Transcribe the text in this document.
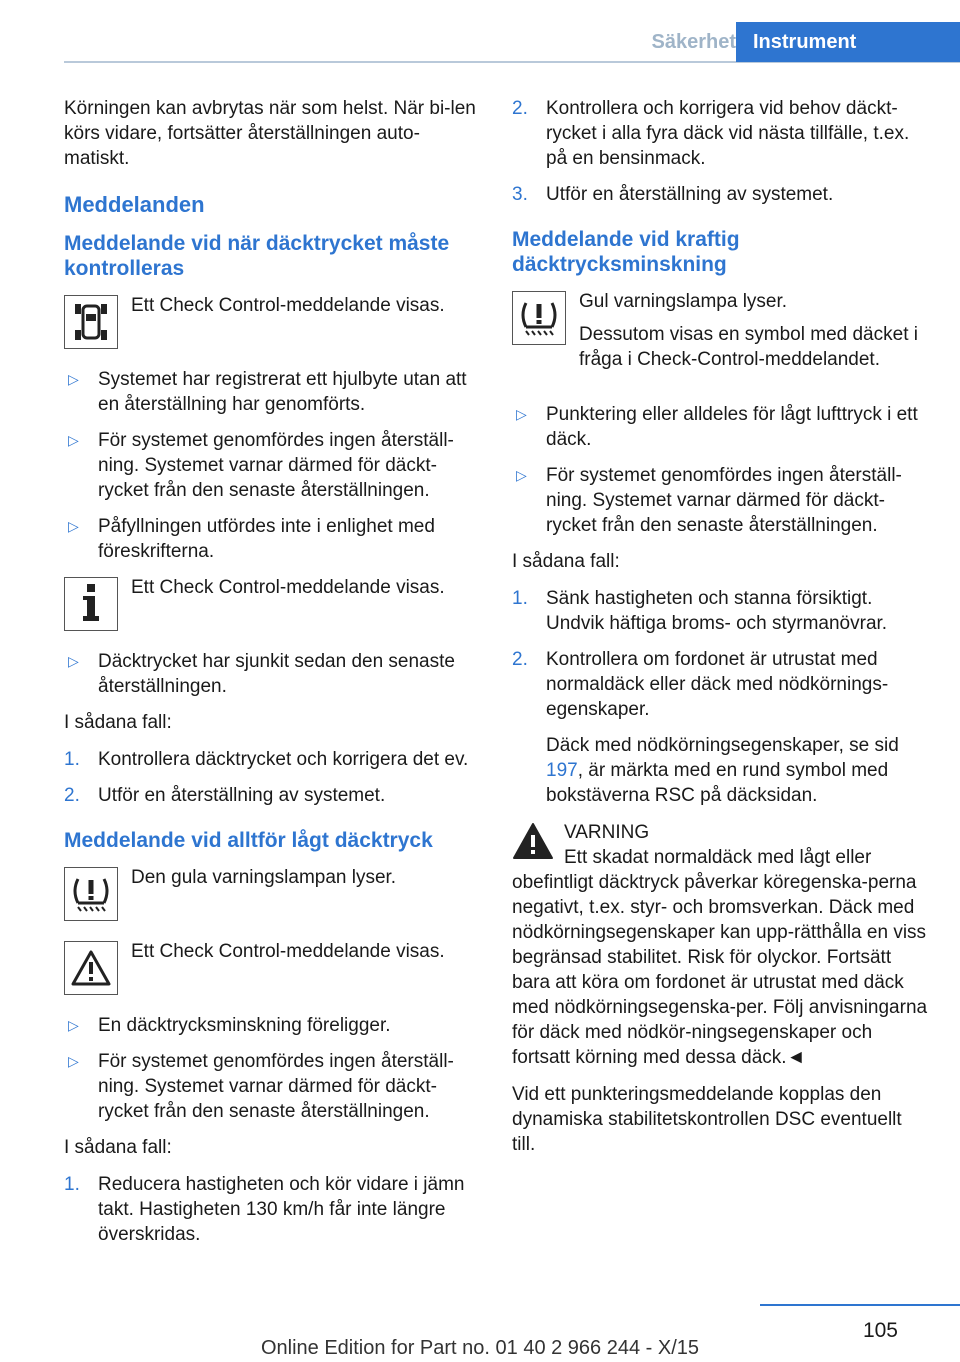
Säkerhet Instrument

Körningen kan avbrytas när som helst. När bi-len körs vidare, fortsätter återställningen auto-matiskt.

Meddelanden
Meddelande vid när däcktrycket måste kontrolleras
Ett Check Control-meddelande visas.
▷ Systemet har registrerat ett hjulbyte utan att en återställning har genomförts.
▷ För systemet genomfördes ingen återställ-ning. Systemet varnar därmed för däckt-rycket från den senaste återställningen.
▷ Påfyllningen utfördes inte i enlighet med föreskrifterna.
Ett Check Control-meddelande visas.
▷ Däcktrycket har sjunkit sedan den senaste återställningen.

I sådana fall:

1. Kontrollera däcktrycket och korrigera det ev.
2. Utför en återställning av systemet.
Meddelande vid alltför lågt däcktryck
Den gula varningslampan lyser.
Ett Check Control-meddelande visas.
▷ En däcktrycksminskning föreligger.
▷ För systemet genomfördes ingen återställ-ning. Systemet varnar därmed för däckt-rycket från den senaste återställningen.

I sådana fall:

1. Reducera hastigheten och kör vidare i jämn takt. Hastigheten 130 km/h får inte längre överskridas.
2. Kontrollera och korrigera vid behov däckt-rycket i alla fyra däck vid nästa tillfälle, t.ex. på en bensinmack.
3. Utför en återställning av systemet.
Meddelande vid kraftig däcktrycksminskning

Gul varningslampa lyser.

Dessutom visas en symbol med däcket i fråga i Check-Control-meddelandet.

▷ Punktering eller alldeles för lågt lufttryck i ett däck.
▷ För systemet genomfördes ingen återställ-ning. Systemet varnar därmed för däckt-rycket från den senaste återställningen.

I sådana fall:

1. Sänk hastigheten och stanna försiktigt. Undvik häftiga broms- och styrmanövrar.
2. Kontrollera om fordonet är utrustat med normaldäck eller däck med nödkörnings-egenskaper.

Däck med nödkörningsegenskaper, se sid 197, är märkta med en rund symbol med bokstäverna RSC på däcksidan.

VARNING

Ett skadat normaldäck med lågt eller obefintligt däcktryck påverkar köregenska-perna negativt, t.ex. styr- och bromsverkan. Däck med nödkörningsegenskaper kan upp-rätthålla en viss begränsad stabilitet. Risk för olyckor. Fortsätt bara att köra om fordonet är utrustat med däck med nödkörningsegenska-per. Följ anvisningarna för däck med nödkör-ningsegenskaper och fortsatt körning med dessa däck.◄

Vid ett punkteringsmeddelande kopplas den dynamiska stabilitetskontrollen DSC eventuellt till.

105
Online Edition for Part no. 01 40 2 966 244 - X/15
